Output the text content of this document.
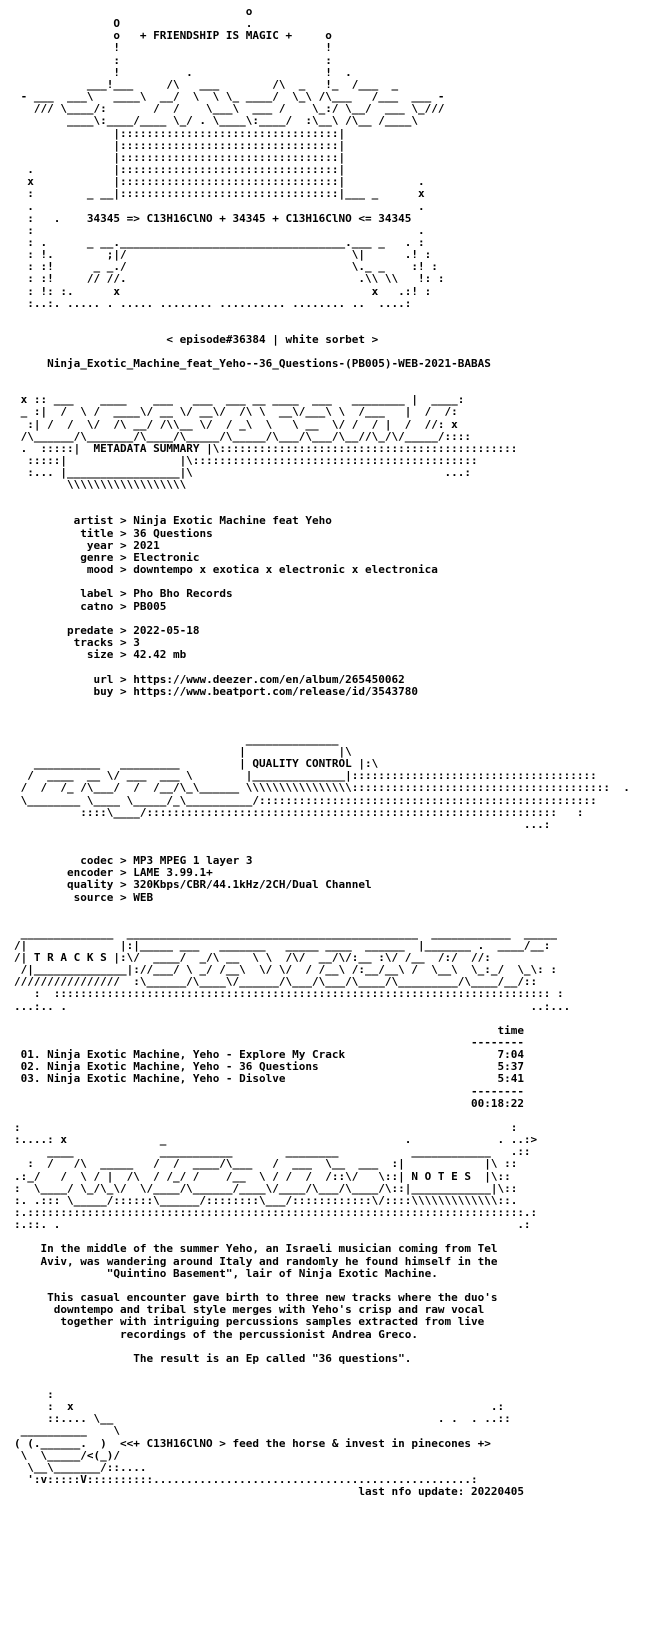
o
O                   .
o   + FRIENDSHIP IS MAGIC +     o
!                               !
:                               :
!          .                    !  .
___!___     /\   ___        /\  _   !_  /___  _
- ___  ___\   ____\  __/  \  \ \_ ____/  \_\ /\___   /___  ___ -
/// \____/:       /  /    \___\  ___ /    \_:/ \__/  ___ \_///
____\:____/____ \_/ . \____\:____/  :\__\ /\__ /____\
|:::::::::::::::::::::::::::::::::|
|:::::::::::::::::::::::::::::::::|
|:::::::::::::::::::::::::::::::::|
.            |:::::::::::::::::::::::::::::::::|
x            |:::::::::::::::::::::::::::::::::|           .
:        _ __|:::::::::::::::::::::::::::::::::|___ _      x
.                                                          .
:   .    34345 => C13H16ClNO + 34345 + C13H16ClNO <= 34345
:                                                          .
: .      _ __.__________________________________.___ _   . :
: !.        ;|/                                  \|      .! :
: :!      _ _./                                  \._ _    :! :
: :!     // //.                                   .\\ \\   !: :
: !: :.      x                                      x   .:! :
:..:. ..... . ..... ........ .......... ........ ..  ....:
< episode#36384 | white sorbet >
Ninja_Exotic_Machine_feat_Yeho--36_Questions-(PB005)-WEB-2021-BABAS
x :: ___    ____    ___   ___  ___ __ ____  ___   ________ |  ____:
_ :|  /  \ /  ____\/ __ \/ __\/  /\ \  __\/___\ \  /___   |  /  /:
:| /  /  \/  /\ __/ /\\__ \/  / _\  \   \ __  \/ /  / |  /  //: x
/\______/\_______/\____/\_____/\_____/\___/\___/\__//\_/\/_____/::::
.  :::::|  METADATA SUMMARY |\:::::::::::::::::::::::::::::::::::::::::::::
:::::|                 |\:::::::::::::::::::::::::::::::::::::::::::
:... |_________________|\                                      ...:
\\\\\\\\\\\\\\\\\\
artist > Ninja Exotic Machine feat Yeho
title > 36 Questions
year > 2021
genre > Electronic
mood > downtempo x exotica x electronic x electronica

label > Pho Bho Records
catno > PB005

predate > 2022-05-18
tracks > 3
size > 42.42 mb

url > https://www.deezer.com/en/album/265450062
buy > https://www.beatport.com/release/id/3543780
______________
|              |\
__________   _________         | QUALITY CONTROL |:\
/  ____  __ \/ ___  ___ \        |______________|:::::::::::::::::::::::::::::::::::::
/  /  /_ /\___/  /  /__/\_\______ \\\\\\\\\\\\\\\\:::::::::::::::::::::::::::::::::::::::  .
\________ \____ \_____/_\__________/:::::::::::::::::::::::::::::::::::::::::::::::::::
::::\____/::::::::::::::::::::::::::::::::::::::::::::::::::::::::::::::   :
...:
codec > MP3 MPEG 1 layer 3
encoder > LAME 3.99.1+
quality > 320Kbps/CBR/44.1kHz/2CH/Dual Channel
source > WEB
______________  ____________________________________________  ____________  _____
/|              |:|_____ ___   _______   _____ ____  ______  |_______ .  ____/__:
/| T R A C K S |:\/  ____/  _/\ __  \ \  /\/  __/\/:__ :\/ /__  /:/  //:
/|______________|://___/ \ _/ /__\  \/ \/  / /__\ /:__/__\ /  \__\  \_:_/  \_\: :
////////////////  :\______/\____\/______/\___/\___/\____/\_________/\____/__/::
:  ::::::::::::::::::::::::::::::::::::::::::::::::::::::::::::::::::::::::::: :
...:.. .                                                                      ..:...
time
--------
01. Ninja Exotic Machine, Yeho - Explore My Crack	7:04
02. Ninja Exotic Machine, Yeho - 36 Questions	5:37
03. Ninja Exotic Machine, Yeho - Disolve	5:41
--------
00:18:22
:                                                                          :
:....: x              _                                    .             . ..:>
____             ___________        ________           ____________   .::
:  /   /\  _____   /  /  ____/\___   /  ___  \__  ___  :|            |\ ::
.:_/   /  \ / |  /\  / /_/ /    /__  \ / /  /  /::\/   \::| N O T E S  |\::
:  \____/ \_/\_\/  \/____/\______/____\/____/\___/\____/\::|____________|\::
:. .::: \_____/::::::\______/::::::::\___/::::::::::::\/::::\\\\\\\\\\\\\::.
:.:::::::::::::::::::::::::::::::::::::::::::::::::::::::::::::::::::::::::::.:
:.::. .                                                                     .:

In the middle of the summer Yeho, an Israeli musician coming from Tel
Aviv, was wandering around Italy and randomly he found himself in the
"Quintino Basement", lair of Ninja Exotic Machine.

This casual encounter gave birth to three new tracks where the duo's
downtempo and tribal style merges with Yeho's crisp and raw vocal
together with intriguing percussions samples extracted from live
recordings of the percussionist Andrea Greco.

The result is an Ep called "36 questions".
:
:  x                                                               .:
::.... \__                                                 . .  . ..::
__________    \
( (.______.  )  <<+ C13H16ClNO > feed the horse & invest in pinecones +>
\  \_____/<(_)/
\__\_______/::....
':v:::::V::::::::::................................................:
last nfo update: 20220405
